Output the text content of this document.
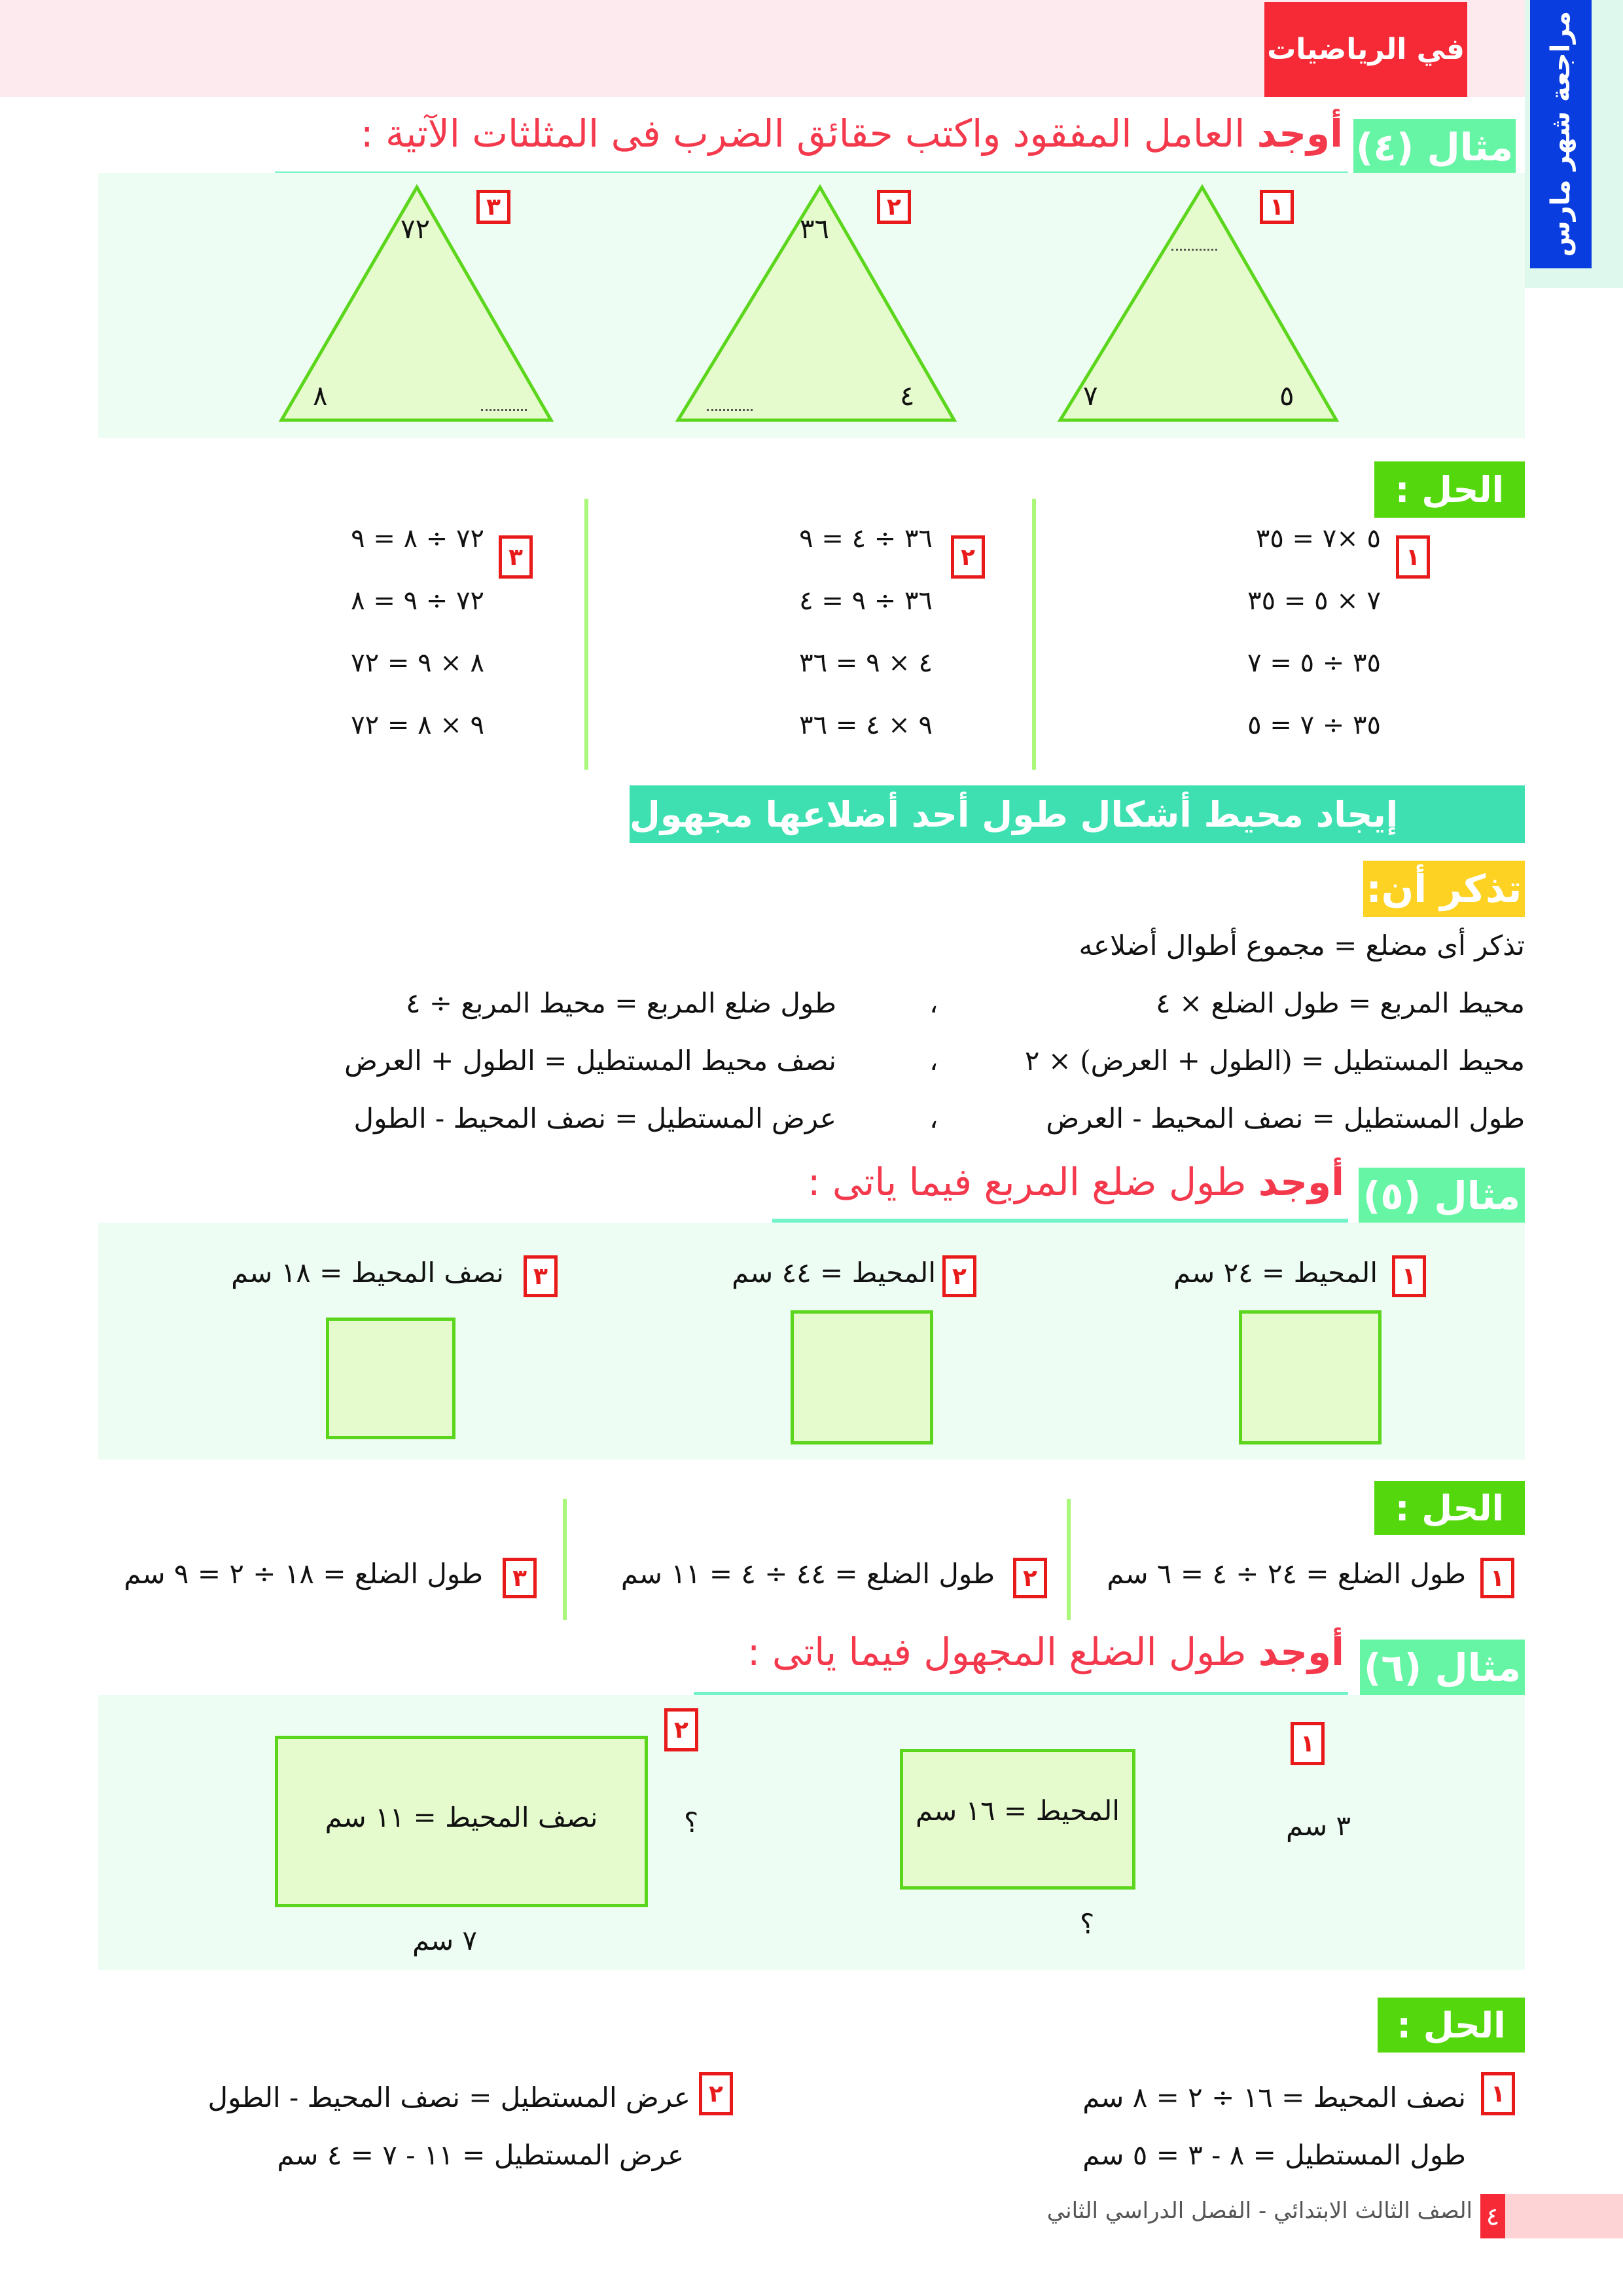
في الرياضيات	مراجعة شهر مارس
مثال (٤)
أوجد العامل المفقود واكتب حقائق الضرب فى المثلثات الآتية :
١
٥
٧
٢
٣٦
٤
٣
٧٢
٨
الحل :
١
٥ ×٧ = ٣٥
٧ × ٥ = ٣٥
٣٥ ÷ ٥ = ٧
٣٥ ÷ ٧ = ٥
٢
٣٦ ÷ ٤ = ٩
٣٦ ÷ ٩ = ٤
٤ × ٩ = ٣٦
٩ × ٤ = ٣٦
٣
٧٢ ÷ ٨ = ٩
٧٢ ÷ ٩ = ٨
٨ × ٩ = ٧٢
٩ × ٨ = ٧٢
إيجاد محيط أشكال طول أحد أضلاعها مجهول
تذكر أن:
تذكر أى مضلع = مجموع أطوال أضلاعه
محيط المربع = طول الضلع × ٤
،
طول ضلع المربع = محيط المربع ÷ ٤
محيط المستطيل = (الطول + العرض) × ٢
،
نصف محيط المستطيل = الطول + العرض
طول المستطيل = نصف المحيط - العرض
،
عرض المستطيل = نصف المحيط - الطول
مثال (٥)
أوجد طول ضلع المربع فيما ياتى :
١
المحيط = ٢٤ سم
٢
المحيط = ٤٤ سم
٣
نصف المحيط = ١٨ سم
الحل :
١
طول الضلع = ٢٤ ÷ ٤ = ٦ سم
٢
طول الضلع = ٤٤ ÷ ٤ = ١١ سم
٣
طول الضلع = ١٨ ÷ ٢ = ٩ سم
مثال (٦)
أوجد طول الضلع المجهول فيما ياتى :
١
المحيط = ١٦ سم	٣ سم
؟
٢
نصف المحيط = ١١ سم	؟
٧ سم
الحل :
١
نصف المحيط = ١٦ ÷ ٢ = ٨ سم
طول المستطيل = ٨ - ٣ = ٥ سم
٢
عرض المستطيل = نصف المحيط - الطول
عرض المستطيل = ١١ - ٧ = ٤ سم
٤
الصف الثالث الابتدائي - الفصل الدراسي الثاني
